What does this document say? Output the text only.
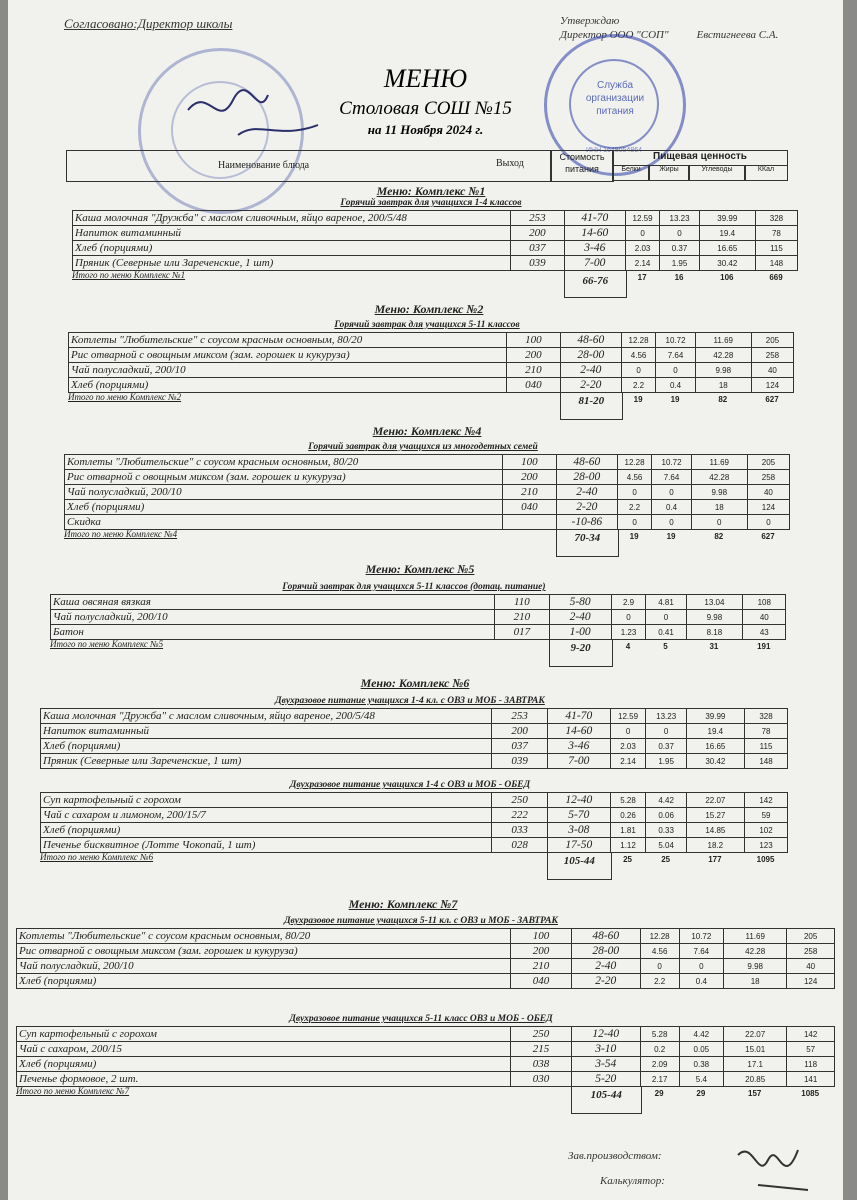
Согласовано:Директор школы	Утверждаю
Директор ООО "СОП"	Евстигнеева С.А.
Служба организации питания
ИНН 1648054864
МЕНЮ
Столовая СОШ №15
на 11 Ноября 2024 г.
Наименование блюда	Выход
Стоимость питания
Пищевая ценность
Белки	Жиры	Углеводы	ККал
Меню: Комплекс №1
Горячий завтрак для учащихся 1-4 классов
Каша молочная "Дружба" с маслом сливочным, яйцо вареное, 200/5/48	253	41-70	12.59	13.23	39.99	328
Напиток витаминный	200	14-60	0	0	19.4	78
Хлеб (порциями)	037	3-46	2.03	0.37	16.65	115
Пряник (Северные или Зареченские, 1 шт)	039	7-00	2.14	1.95	30.42	148
Итого по меню Комплекс №1	66-76	17	16	106	669
Меню: Комплекс №2
Горячий завтрак для учащихся 5-11 классов
Котлеты "Любительские" с соусом красным основным, 80/20	100	48-60	12.28	10.72	11.69	205
Рис отварной с овощным миксом (зам. горошек и кукуруза)	200	28-00	4.56	7.64	42.28	258
Чай полусладкий, 200/10	210	2-40	0	0	9.98	40
Хлеб (порциями)	040	2-20	2.2	0.4	18	124
Итого по меню Комплекс №2	81-20	19	19	82	627
Меню: Комплекс №4
Горячий завтрак для учащихся из многодетных семей
Котлеты "Любительские" с соусом красным основным, 80/20	100	48-60	12.28	10.72	11.69	205
Рис отварной с овощным миксом (зам. горошек и кукуруза)	200	28-00	4.56	7.64	42.28	258
Чай полусладкий, 200/10	210	2-40	0	0	9.98	40
Хлеб (порциями)	040	2-20	2.2	0.4	18	124
Скидка		-10-86	0	0	0	0
Итого по меню Комплекс №4	70-34	19	19	82	627
Меню: Комплекс №5
Горячий завтрак для учащихся 5-11 классов (дотац. питание)
Каша овсяная вязкая	110	5-80	2.9	4.81	13.04	108
Чай полусладкий, 200/10	210	2-40	0	0	9.98	40
Батон	017	1-00	1.23	0.41	8.18	43
Итого по меню Комплекс №5	9-20	4	5	31	191
Меню: Комплекс №6
Двухразовое питание учащихся 1-4 кл. с ОВЗ и МОБ - ЗАВТРАК
Каша молочная "Дружба" с маслом сливочным, яйцо вареное, 200/5/48	253	41-70	12.59	13.23	39.99	328
Напиток витаминный	200	14-60	0	0	19.4	78
Хлеб (порциями)	037	3-46	2.03	0.37	16.65	115
Пряник (Северные или Зареченские, 1 шт)	039	7-00	2.14	1.95	30.42	148
Двухразовое питание учащихся 1-4 с ОВЗ и МОБ - ОБЕД
Суп картофельный с горохом	250	12-40	5.28	4.42	22.07	142
Чай с сахаром и лимоном, 200/15/7	222	5-70	0.26	0.06	15.27	59
Хлеб (порциями)	033	3-08	1.81	0.33	14.85	102
Печенье бисквитное (Лотте Чокопай, 1 шт)	028	17-50	1.12	5.04	18.2	123
Итого по меню Комплекс №6	105-44	25	25	177	1095
Меню: Комплекс №7
Двухразовое питание учащихся 5-11 кл. с ОВЗ и МОБ - ЗАВТРАК
Котлеты "Любительские" с соусом красным основным, 80/20	100	48-60	12.28	10.72	11.69	205
Рис отварной с овощным миксом (зам. горошек и кукуруза)	200	28-00	4.56	7.64	42.28	258
Чай полусладкий, 200/10	210	2-40	0	0	9.98	40
Хлеб (порциями)	040	2-20	2.2	0.4	18	124
Двухразовое питание учащихся 5-11 класс ОВЗ и МОБ - ОБЕД
Суп картофельный с горохом	250	12-40	5.28	4.42	22.07	142
Чай с сахаром, 200/15	215	3-10	0.2	0.05	15.01	57
Хлеб (порциями)	038	3-54	2.09	0.38	17.1	118
Печенье формовое, 2 шт.	030	5-20	2.17	5.4	20.85	141
Итого по меню Комплекс №7	105-44	29	29	157	1085
Зав.производством:
Калькулятор:
